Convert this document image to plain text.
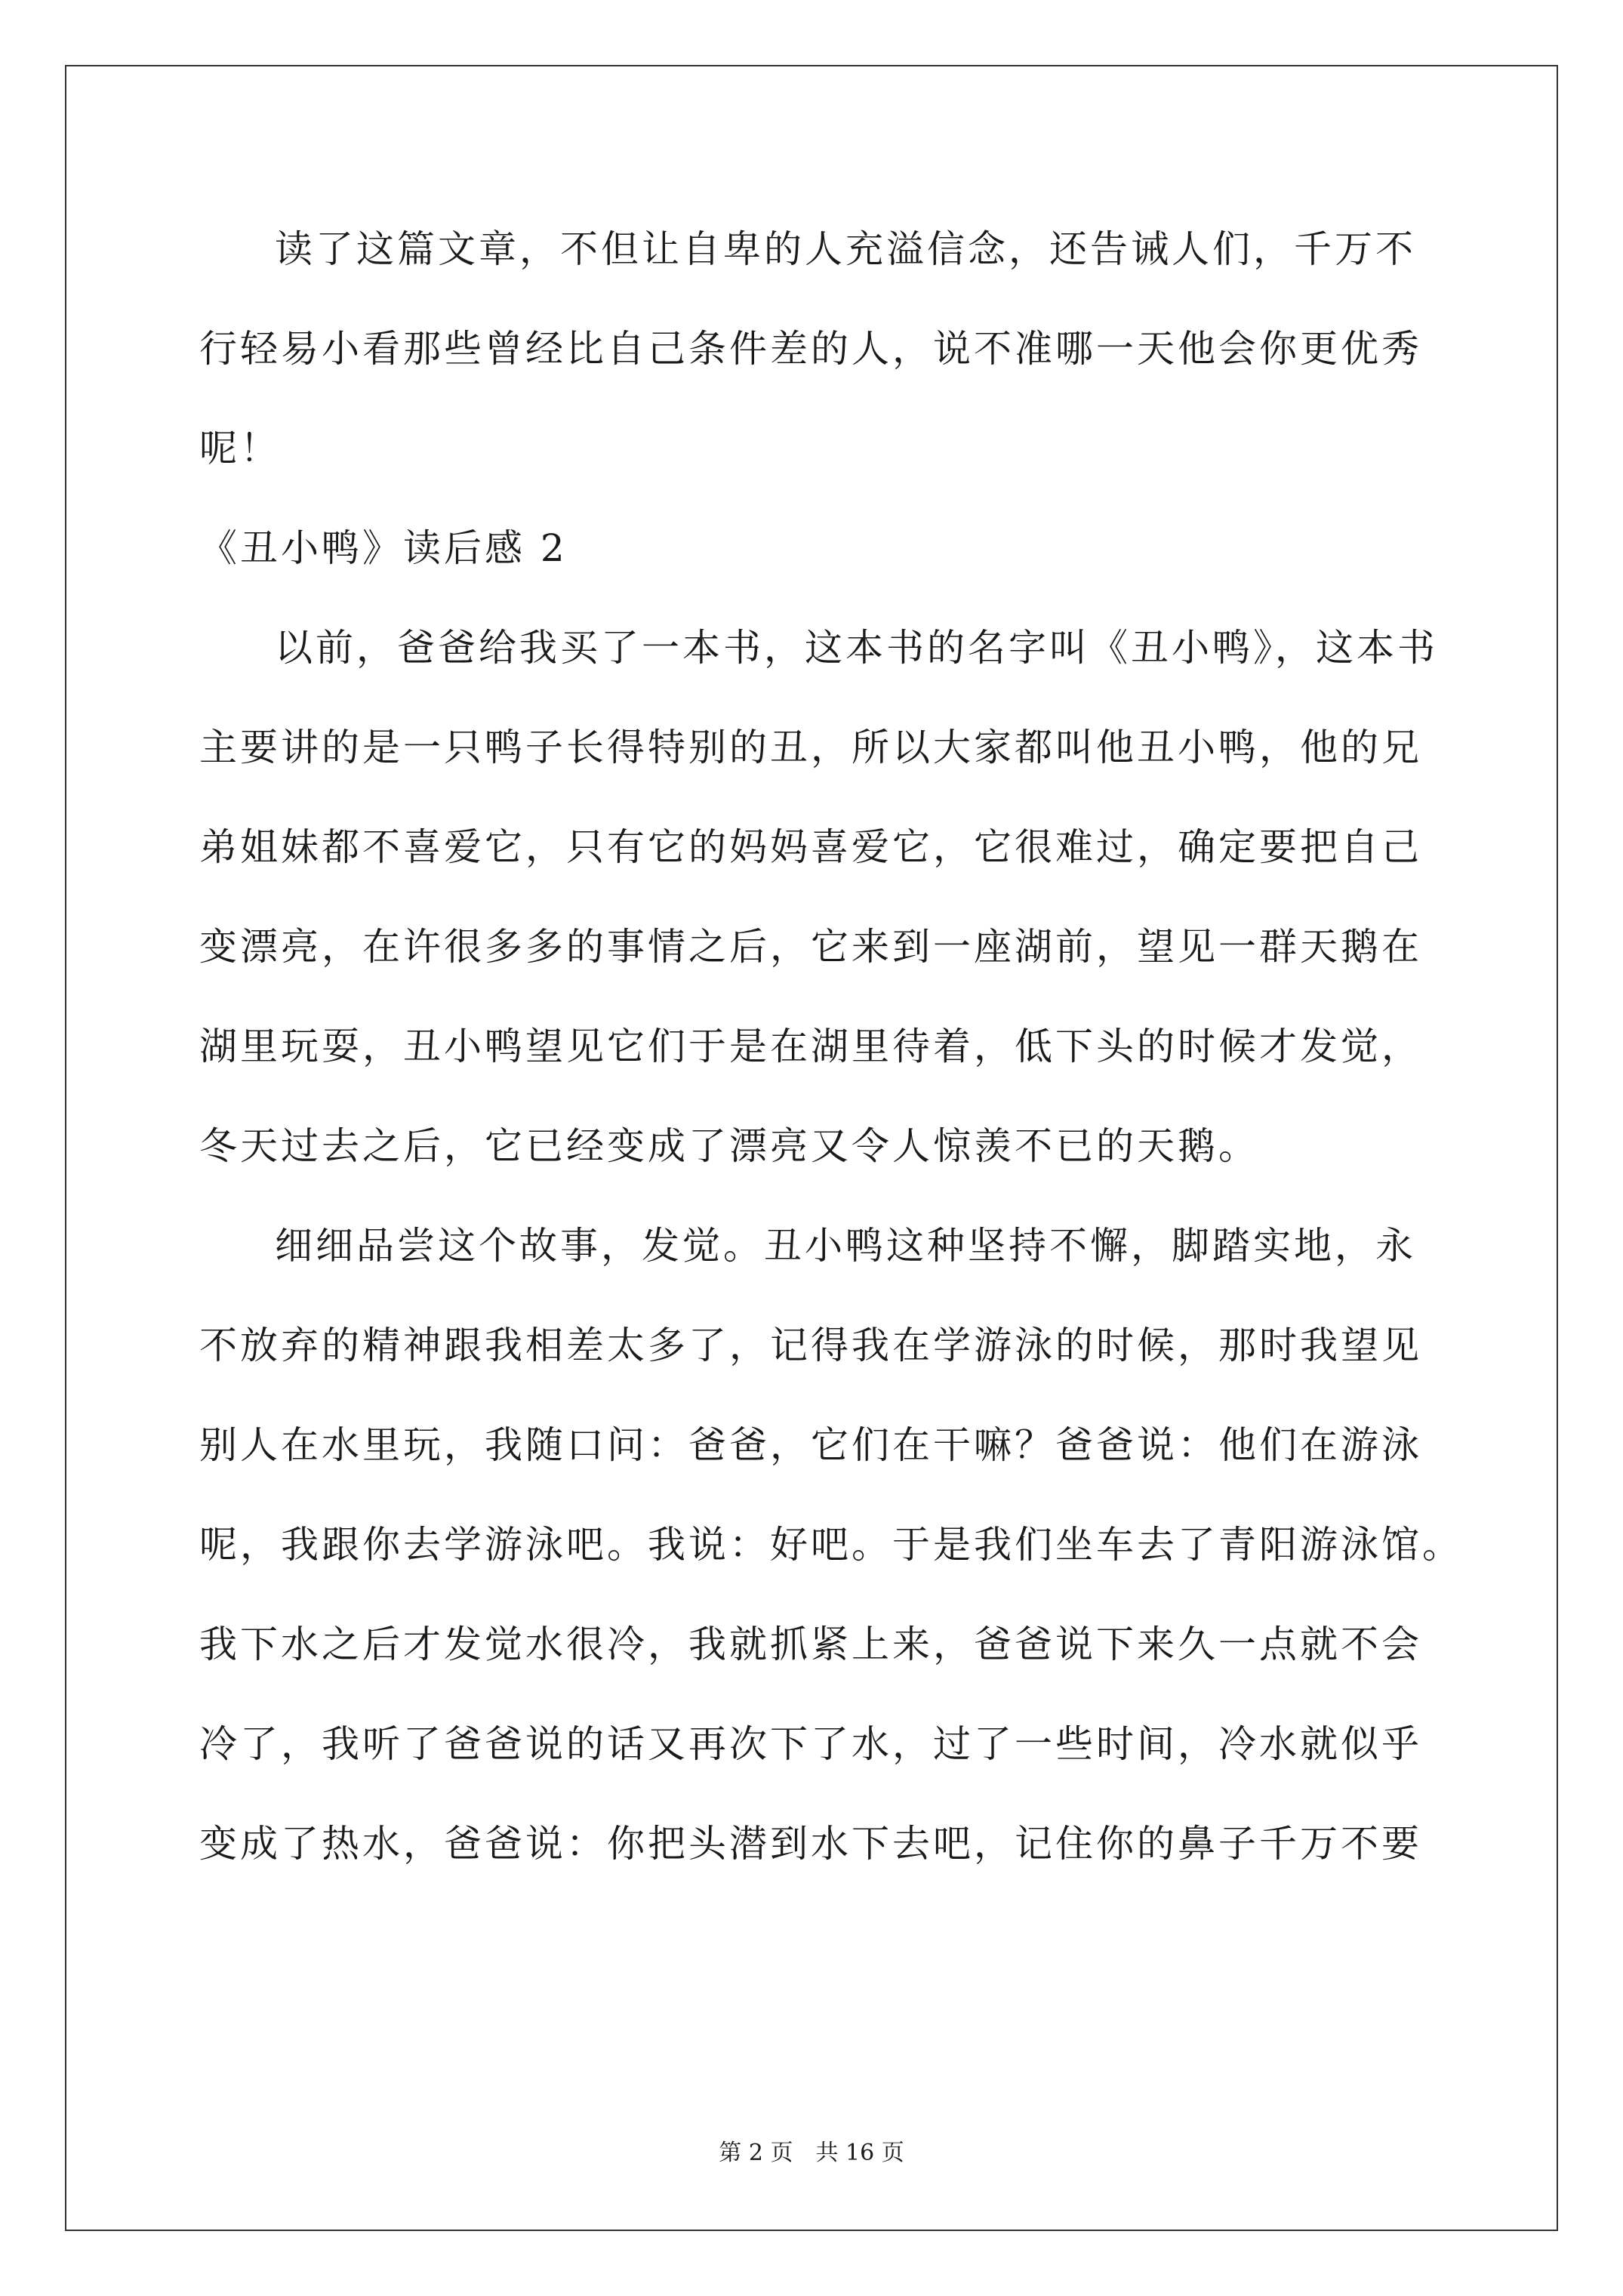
读了这篇文章，不但让自卑的人充溢信念，还告诫人们，千万不
行轻易小看那些曾经比自己条件差的人，说不准哪一天他会你更优秀
呢！
《丑小鸭》读后感 2
以前，爸爸给我买了一本书，这本书的名字叫《丑小鸭》，这本书
主要讲的是一只鸭子长得特别的丑，所以大家都叫他丑小鸭，他的兄
弟姐妹都不喜爱它，只有它的妈妈喜爱它，它很难过，确定要把自己
变漂亮，在许很多多的事情之后，它来到一座湖前，望见一群天鹅在
湖里玩耍，丑小鸭望见它们于是在湖里待着，低下头的时候才发觉，
冬天过去之后，它已经变成了漂亮又令人惊羡不已的天鹅。
细细品尝这个故事，发觉。丑小鸭这种坚持不懈，脚踏实地，永
不放弃的精神跟我相差太多了，记得我在学游泳的时候，那时我望见
别人在水里玩，我随口问：爸爸，它们在干嘛？爸爸说：他们在游泳
呢，我跟你去学游泳吧。我说：好吧。于是我们坐车去了青阳游泳馆。
我下水之后才发觉水很冷，我就抓紧上来，爸爸说下来久一点就不会
冷了，我听了爸爸说的话又再次下了水，过了一些时间，冷水就似乎
变成了热水，爸爸说：你把头潜到水下去吧，记住你的鼻子千万不要
第 2 页　共 16 页
